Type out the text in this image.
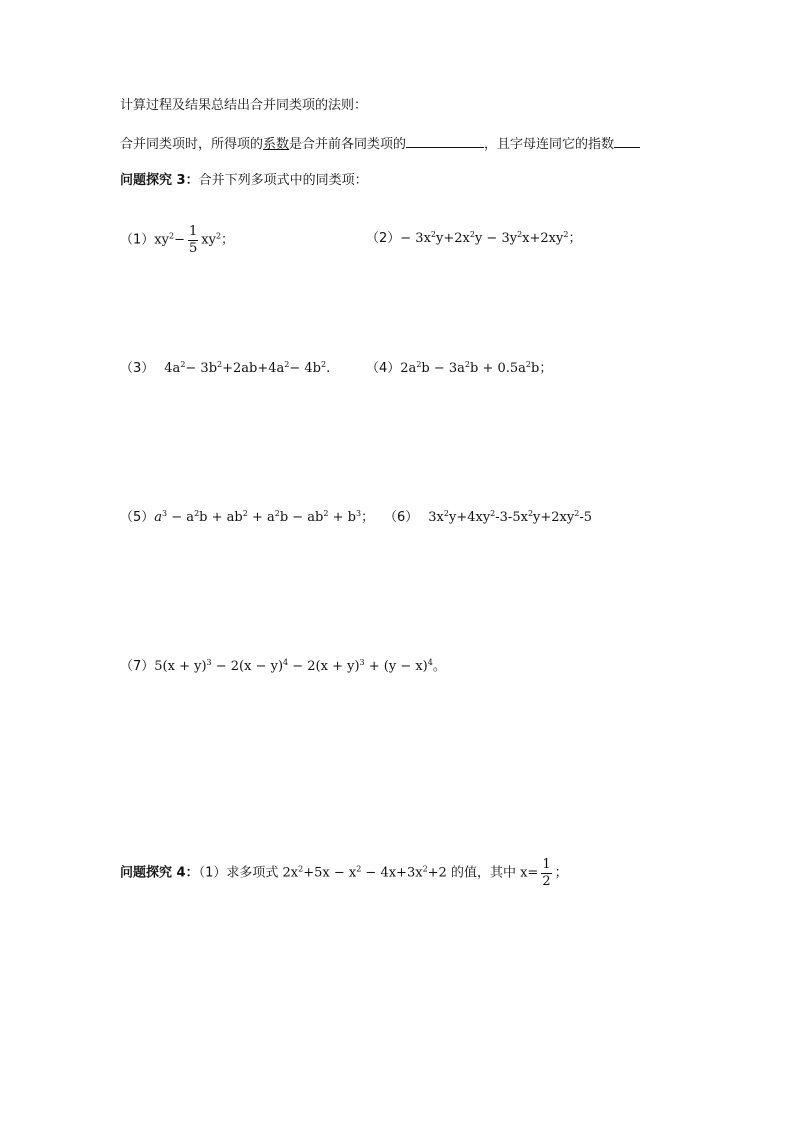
计算过程及结果总结出合并同类项的法则：
合并同类项时，所得项的系数是合并前各同类项的	，且字母连同它的指数
问题探究 3：合并下列多项式中的同类项：
$(1)xy^2- \frac{1}{5} xy^2$；	$(2)- 3x^2y+2x^2y - 3y^2x+2xy^2$；
（3） $4a^2- 3b^2+2ab+4a^2- 4b^2$.	$(4)2a^2b - 3a^2b + 0.5a^2b$；
$(5)a^3 - a^2b + ab^2 + a^2b - ab^2 + b^3$； （6） $3x^2y+4xy^2-3-5x^2y+2xy^2-5$
$(7)5(x + y)^3 - 2(x - y)^4 - 2(x + y)^3 + (y - x)^4$。
问题探究 4：（1）求多项式 $2x^2+5x - x^2 - 4x+3x^2+2$ 的值，其中 $x= \frac{1}{2}$ ；
